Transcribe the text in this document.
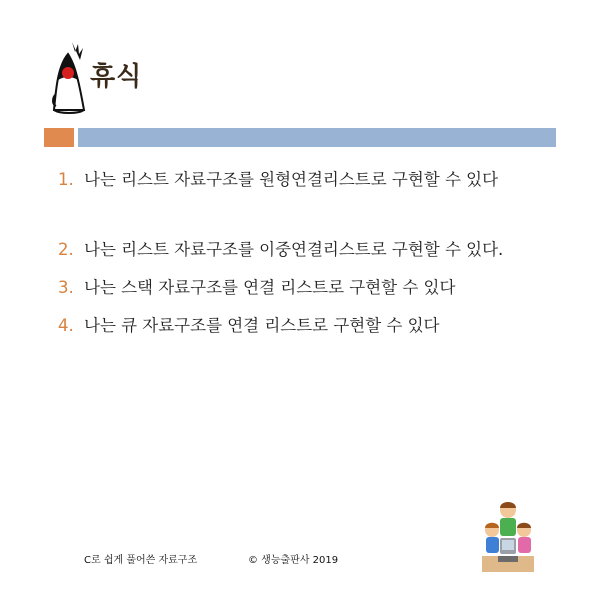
휴식
1. 나는 리스트 자료구조를 원형연결리스트로 구현할 수 있다
2. 나는 리스트 자료구조를 이중연결리스트로 구현할 수 있다.
3. 나는 스택 자료구조를 연결 리스트로 구현할 수 있다
4. 나는 큐 자료구조를 연결 리스트로 구현할 수 있다
C로 쉽게 풀어쓴 자료구조	© 생능출판사 2019
